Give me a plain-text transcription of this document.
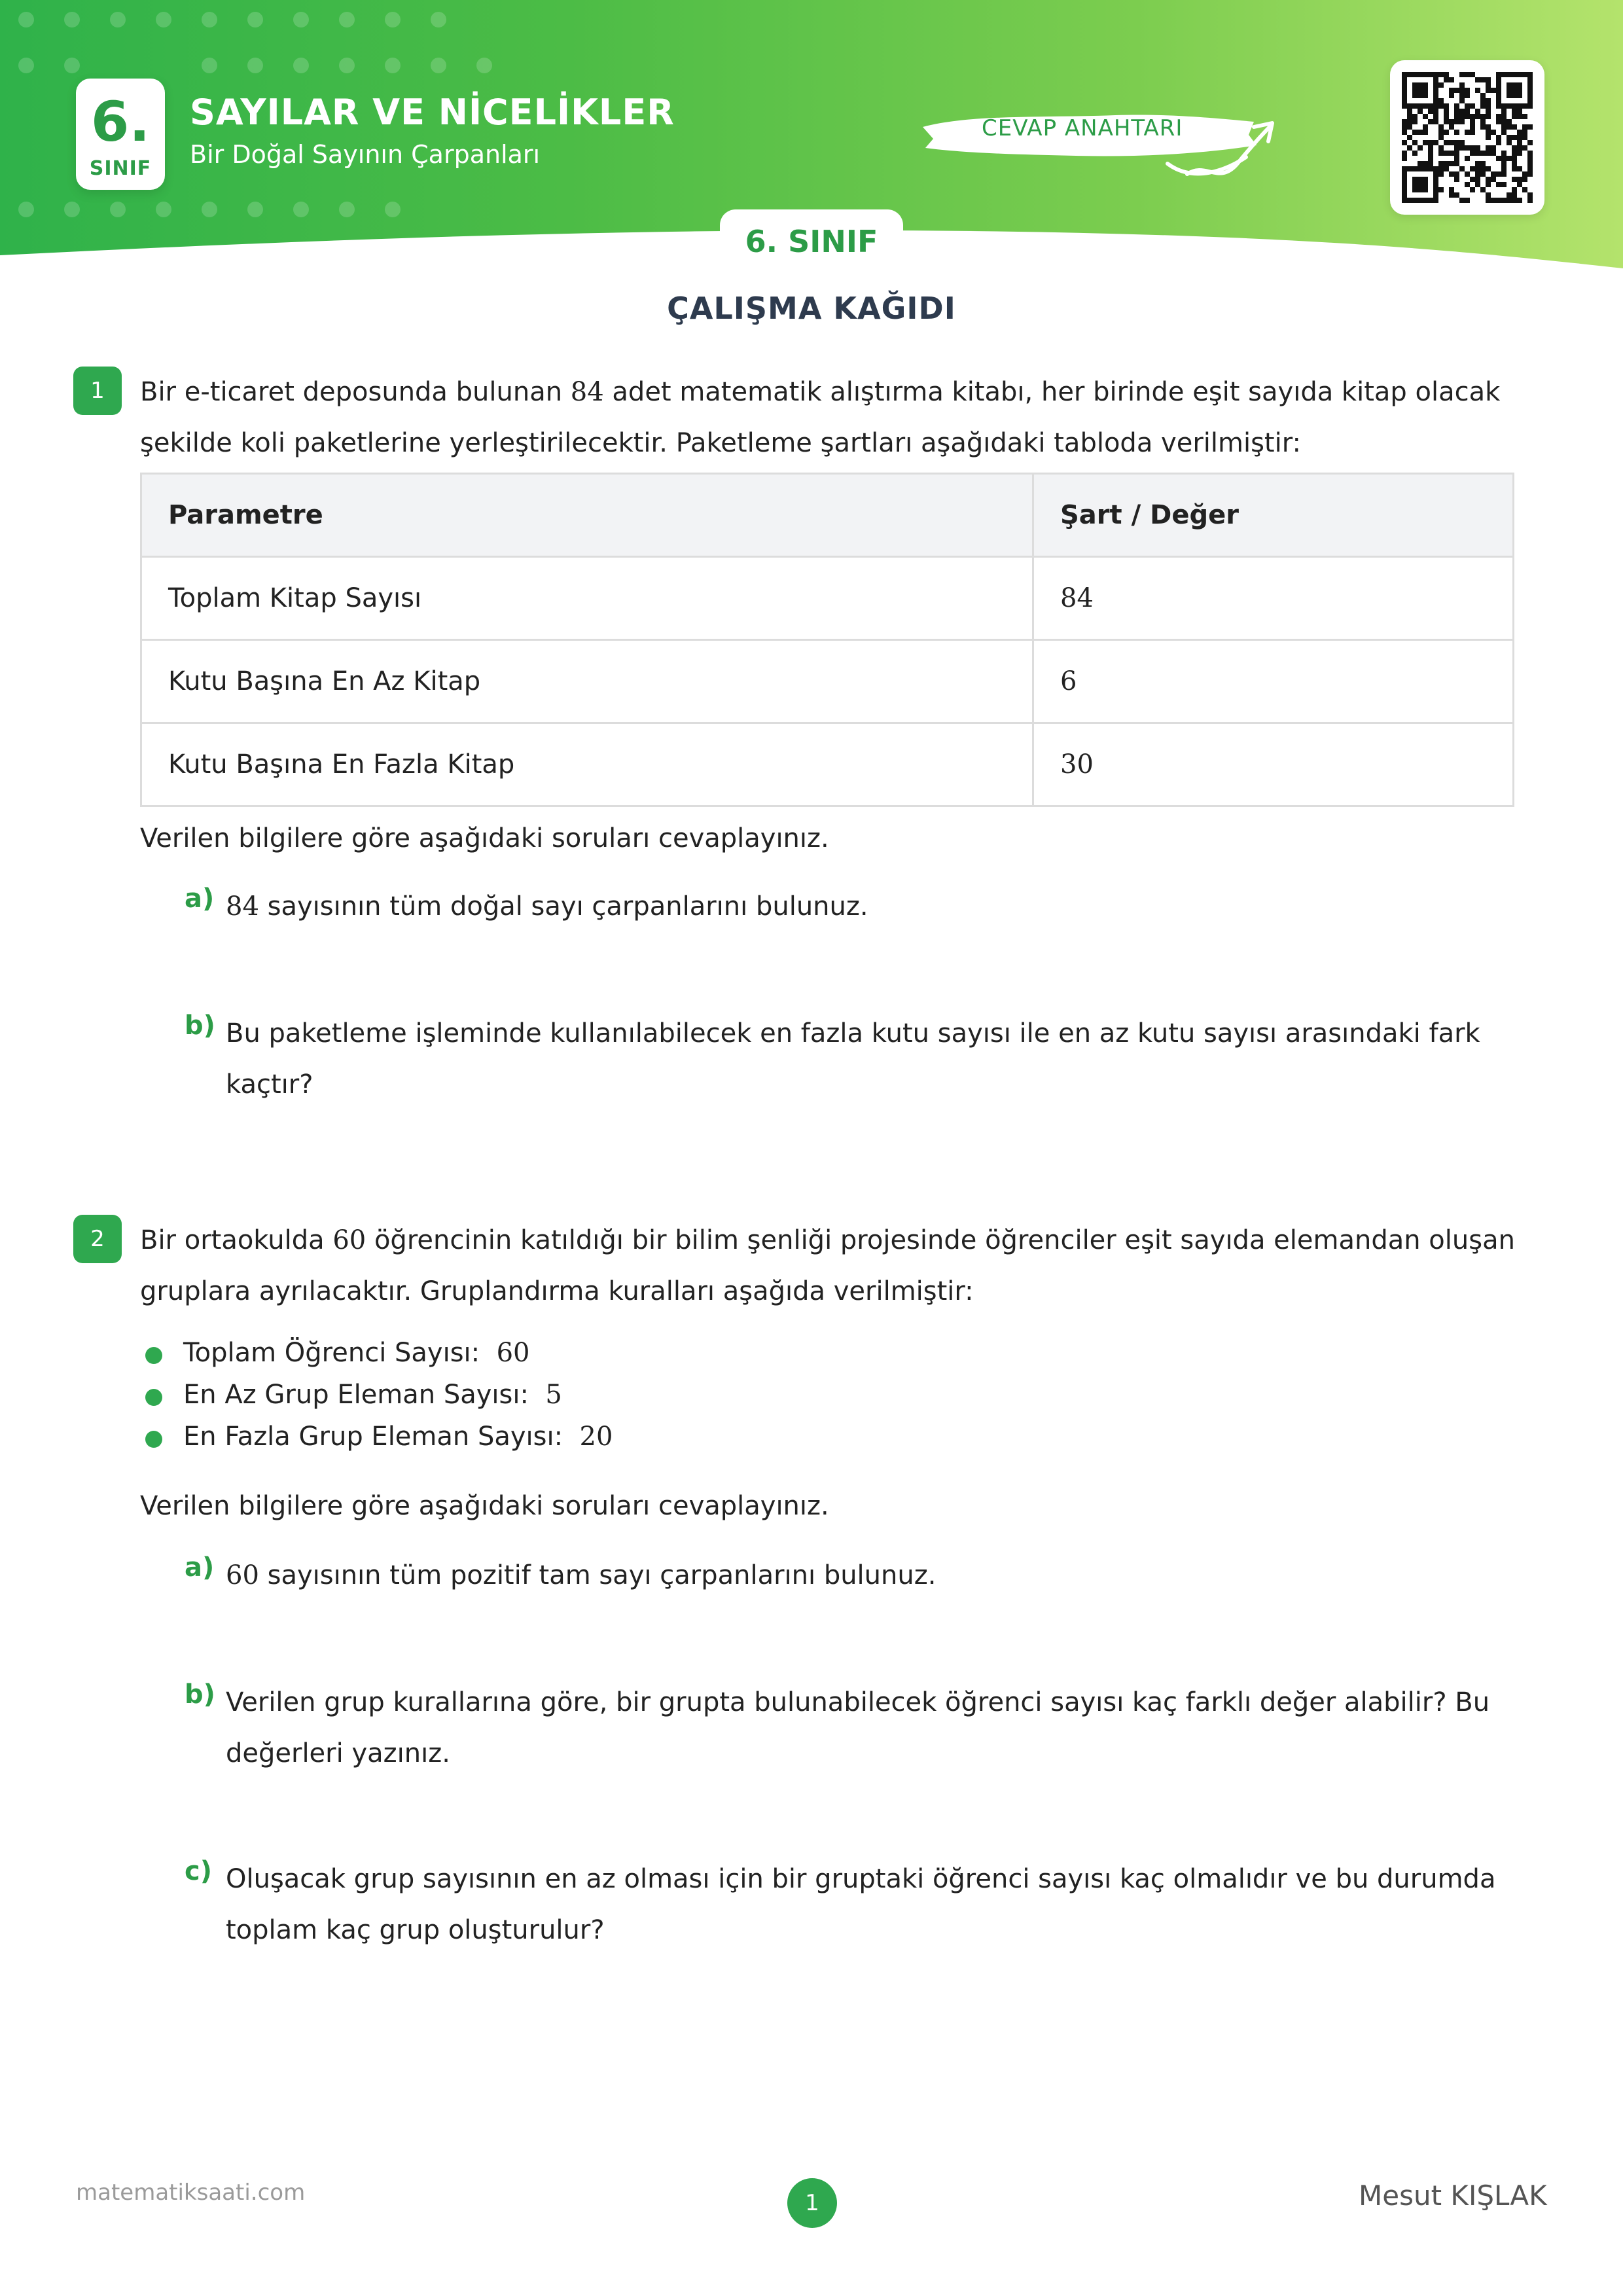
6.
SINIF
SAYILAR VE NİCELİKLER
Bir Doğal Sayının Çarpanları
CEVAP ANAHTARI
6. SINIF
ÇALIŞMA KAĞIDI
1	Bir e-ticaret deposunda bulunan 84 adet matematik alıştırma kitabı, her birinde eşit sayıda kitap olacak şekilde koli paketlerine yerleştirilecektir. Paketleme şartları aşağıdaki tabloda verilmiştir:
Parametre	Şart / Değer
Toplam Kitap Sayısı	84
Kutu Başına En Az Kitap	6
Kutu Başına En Fazla Kitap	30
Verilen bilgilere göre aşağıdaki soruları cevaplayınız.
a) 84 sayısının tüm doğal sayı çarpanlarını bulunuz.
b) Bu paketleme işleminde kullanılabilecek en fazla kutu sayısı ile en az kutu sayısı arasındaki fark kaçtır?
2	Bir ortaokulda 60 öğrencinin katıldığı bir bilim şenliği projesinde öğrenciler eşit sayıda elemandan oluşan gruplara ayrılacaktır. Gruplandırma kuralları aşağıda verilmiştir:
Toplam Öğrenci Sayısı: 60
En Az Grup Eleman Sayısı: 5
En Fazla Grup Eleman Sayısı: 20
Verilen bilgilere göre aşağıdaki soruları cevaplayınız.
a) 60 sayısının tüm pozitif tam sayı çarpanlarını bulunuz.
b) Verilen grup kurallarına göre, bir grupta bulunabilecek öğrenci sayısı kaç farklı değer alabilir? Bu değerleri yazınız.
c) Oluşacak grup sayısının en az olması için bir gruptaki öğrenci sayısı kaç olmalıdır ve bu durumda toplam kaç grup oluşturulur?
matematiksaati.com	1	Mesut KIŞLAK
